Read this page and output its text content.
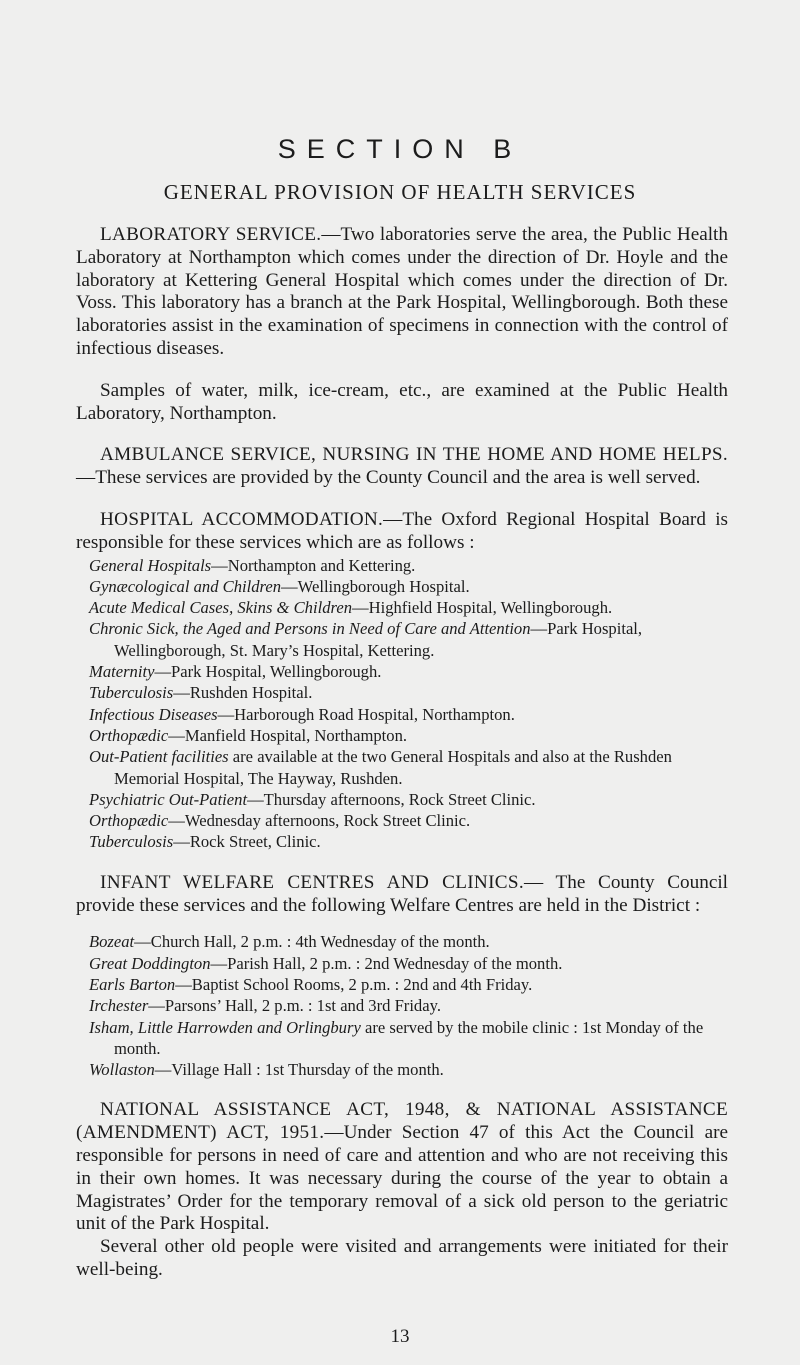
SECTION B
GENERAL PROVISION OF HEALTH SERVICES

LABORATORY SERVICE.—Two laboratories serve the area, the Public Health Laboratory at Northampton which comes under the direction of Dr. Hoyle and the laboratory at Kettering General Hospital which comes under the direction of Dr. Voss. This laboratory has a branch at the Park Hospital, Wellingborough. Both these laboratories assist in the examination of specimens in connection with the control of infectious diseases.

Samples of water, milk, ice-cream, etc., are examined at the Public Health Laboratory, Northampton.

AMBULANCE SERVICE, NURSING IN THE HOME AND HOME HELPS.—These services are provided by the County Council and the area is well served.

HOSPITAL ACCOMMODATION.—The Oxford Regional Hospital Board is responsible for these services which are as follows :

General Hospitals—Northampton and Kettering.

Gynæcological and Children—Wellingborough Hospital.

Acute Medical Cases, Skins & Children—Highfield Hospital, Wellingborough.

Chronic Sick, the Aged and Persons in Need of Care and Attention—Park Hospital, Wellingborough, St. Mary’s Hospital, Kettering.

Maternity—Park Hospital, Wellingborough.

Tuberculosis—Rushden Hospital.

Infectious Diseases—Harborough Road Hospital, Northampton.

Orthopædic—Manfield Hospital, Northampton.

Out-Patient facilities are available at the two General Hospitals and also at the Rushden Memorial Hospital, The Hayway, Rushden.

Psychiatric Out-Patient—Thursday afternoons, Rock Street Clinic.

Orthopædic—Wednesday afternoons, Rock Street Clinic.

Tuberculosis—Rock Street, Clinic.

INFANT WELFARE CENTRES AND CLINICS.— The County Council provide these services and the following Welfare Centres are held in the District :

Bozeat—Church Hall, 2 p.m. : 4th Wednesday of the month.

Great Doddington—Parish Hall, 2 p.m. : 2nd Wednesday of the month.

Earls Barton—Baptist School Rooms, 2 p.m. : 2nd and 4th Friday.

Irchester—Parsons’ Hall, 2 p.m. : 1st and 3rd Friday.

Isham, Little Harrowden and Orlingbury are served by the mobile clinic : 1st Monday of the month.

Wollaston—Village Hall : 1st Thursday of the month.

NATIONAL ASSISTANCE ACT, 1948, & NATIONAL ASSISTANCE (AMENDMENT) ACT, 1951.—Under Section 47 of this Act the Council are responsible for persons in need of care and attention and who are not receiving this in their own homes. It was necessary during the course of the year to obtain a Magistrates’ Order for the temporary removal of a sick old person to the geriatric unit of the Park Hospital.

Several other old people were visited and arrangements were initiated for their well-being.

13
